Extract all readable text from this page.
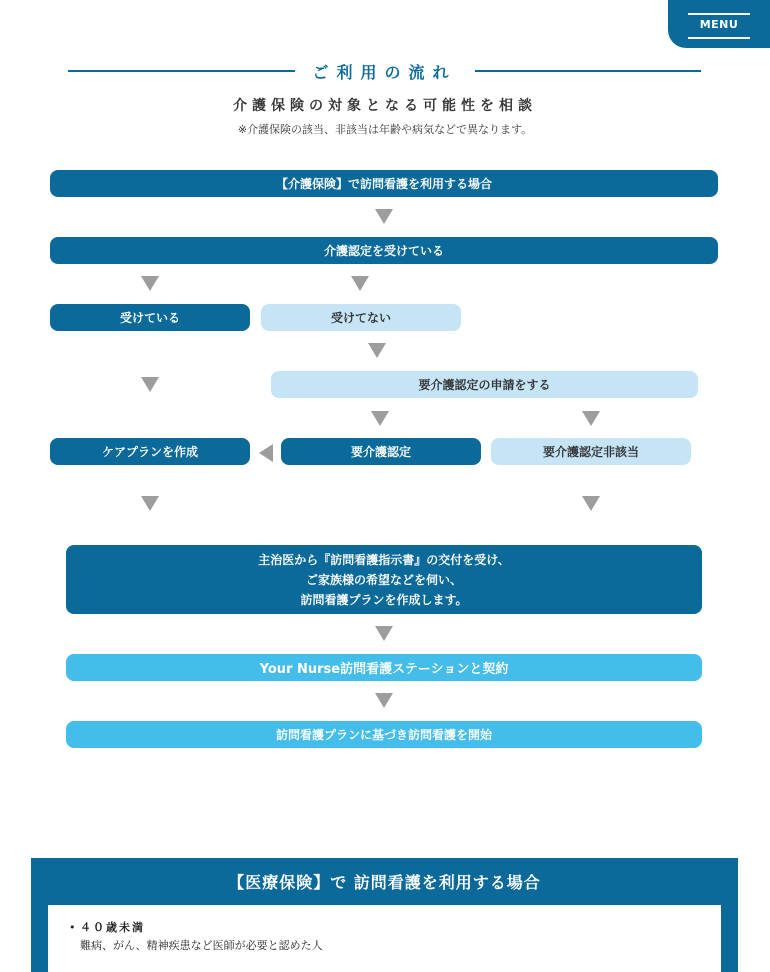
MENU
ご利用の流れ
介護保険の対象となる可能性を相談
※介護保険の該当、非該当は年齢や病気などで異なります。
【介護保険】で訪問看護を利用する場合
介護認定を受けている
受けている	受けてない
要介護認定の申請をする
ケアプランを作成	要介護認定	要介護認定非該当
主治医から『訪問看護指示書』の交付を受け、
ご家族様の希望などを伺い、
訪問看護プランを作成します。
Your Nurse訪問看護ステーションと契約
訪問看護プランに基づき訪問看護を開始
【医療保険】で 訪問看護を利用する場合
• ４０歳未満
難病、がん、精神疾患など医師が必要と認めた人
